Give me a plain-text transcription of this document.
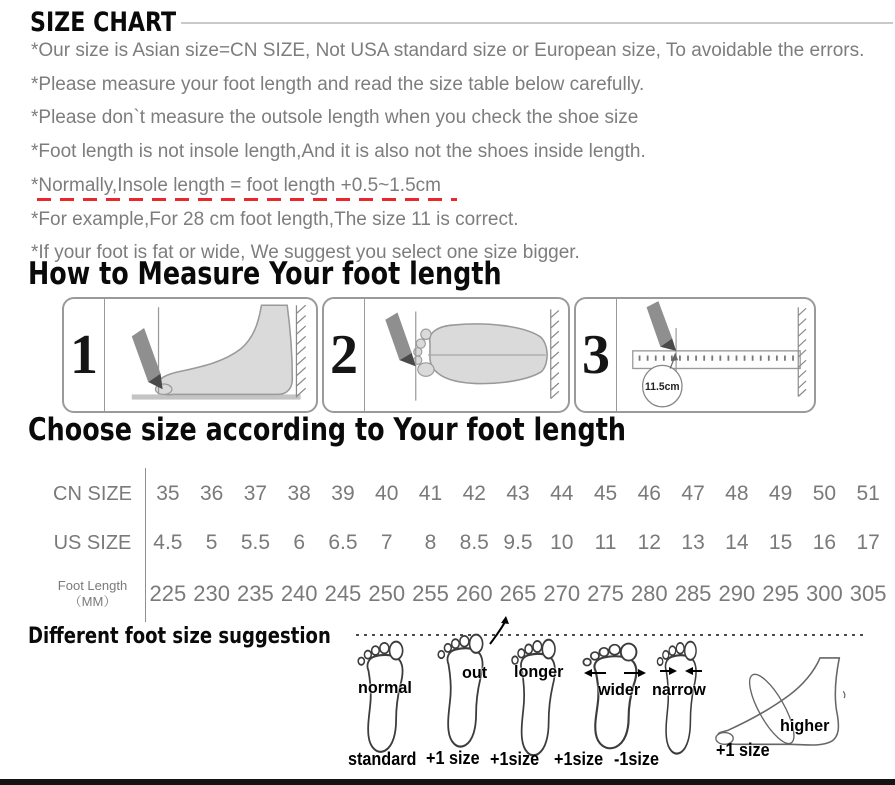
SIZE CHART

*Our size is Asian size=CN SIZE, Not USA standard size or European size, To avoidable the errors.

*Please measure your foot length and read the size table below carefully.

*Please don`t measure the outsole length when you check the shoe size

*Foot length is not insole length,And it is also not the shoes inside length.

*Normally,Insole length = foot length +0.5~1.5cm

*For example,For 28 cm foot length,The size 11 is correct.

*If your foot is fat or wide, We suggest you select one size bigger.

How to Measure Your foot length
1	2	3
11.5cm
Choose size according to Your foot length
CN SIZE	35 36 37 38 39 40 41 42 43 44 45 46 47 48 49 50 51
US SIZE	4.5	5	5.5	6	6.5	7	8	8.5 9.5 10	11	12 13 14 15 16 17
Foot Length
（MM） 225 230 235 240 245 250 255 260 265 270 275 280 285 290 295 300 305
Different foot size suggestion
normal
standard
out
+1 size
longer
+1size
wider
+1size
narrow
-1size
higher
+1 size
